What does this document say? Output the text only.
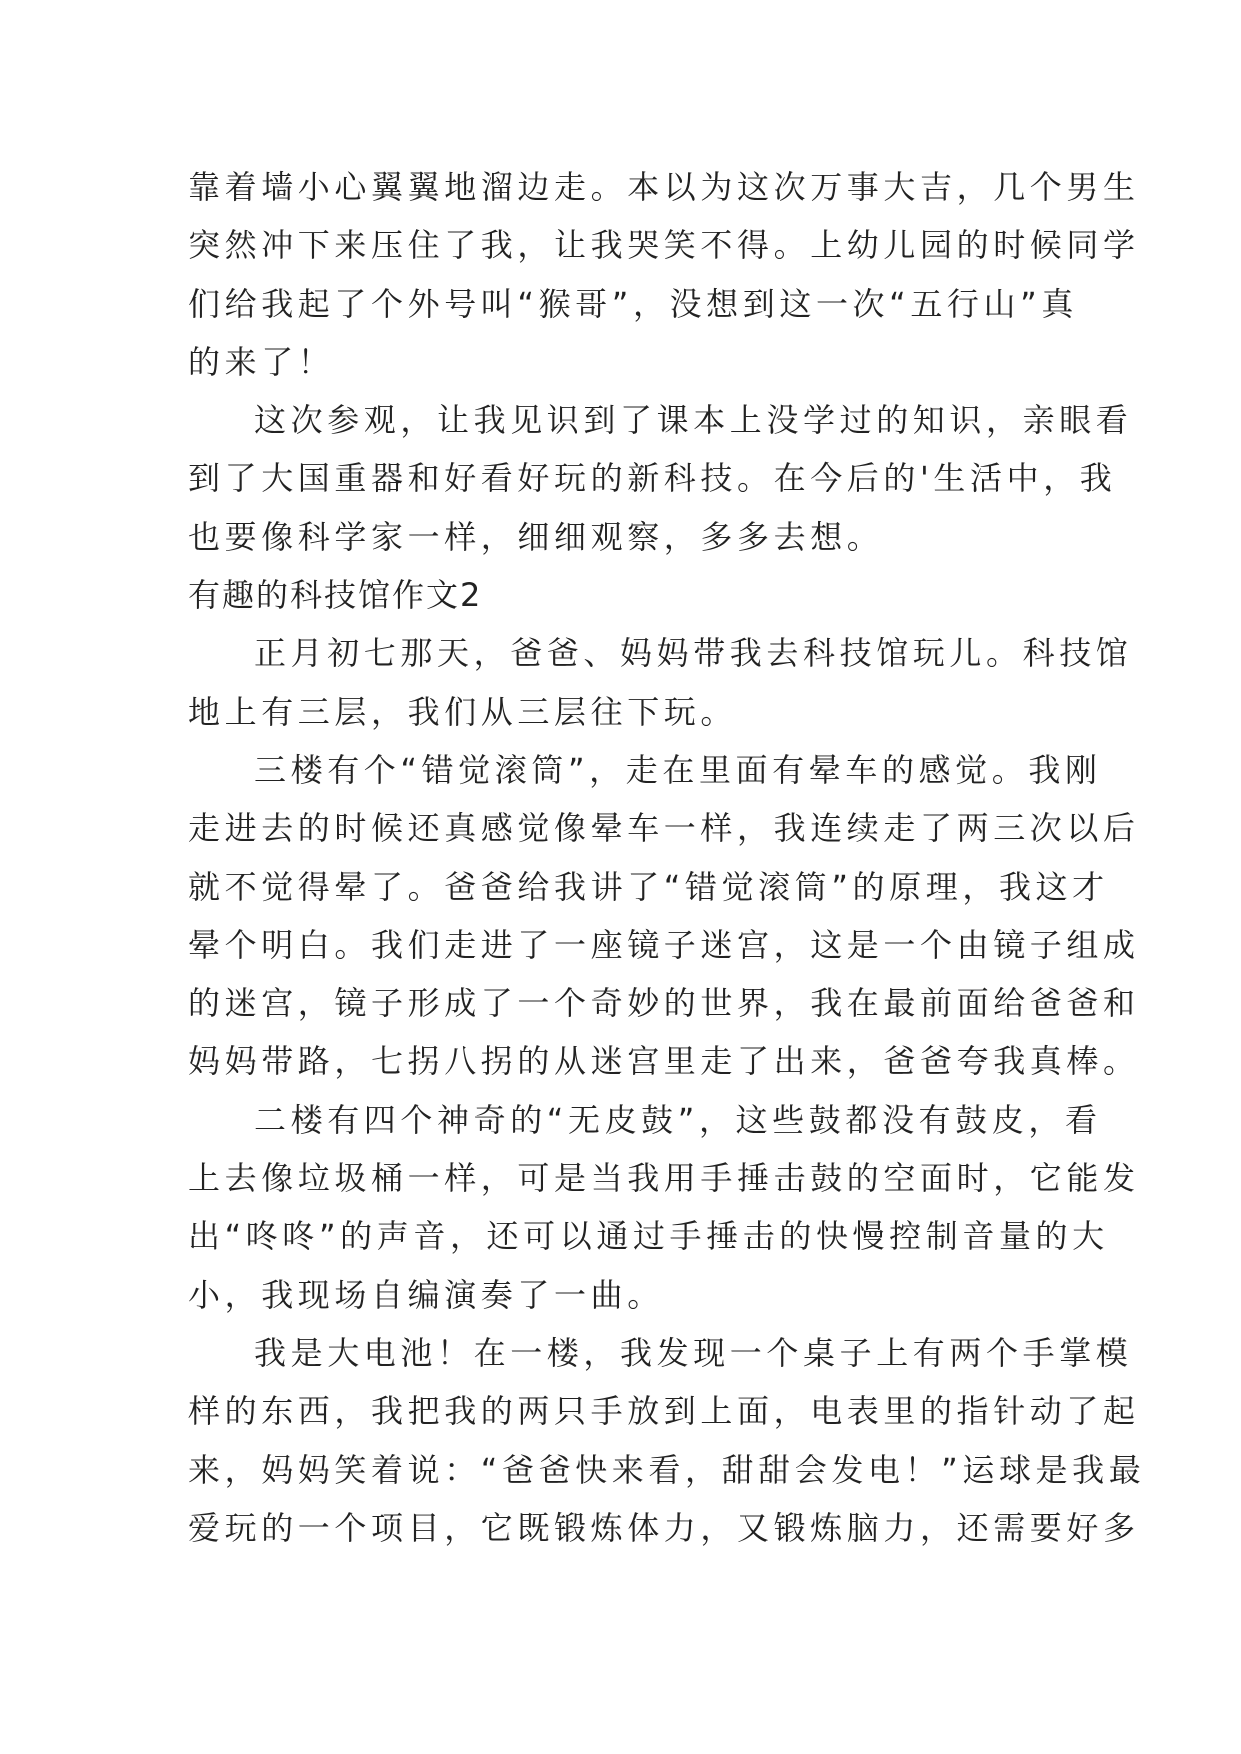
靠着墙小心翼翼地溜边走。本以为这次万事大吉，几个男生
突然冲下来压住了我，让我哭笑不得。上幼儿园的时候同学
们给我起了个外号叫“猴哥”，没想到这一次“五行山”真
的来了！
这次参观，让我见识到了课本上没学过的知识，亲眼看
到了大国重器和好看好玩的新科技。在今后的'生活中，我
也要像科学家一样，细细观察，多多去想。
有趣的科技馆作文2
正月初七那天，爸爸、妈妈带我去科技馆玩儿。科技馆
地上有三层，我们从三层往下玩。
三楼有个“错觉滚筒”，走在里面有晕车的感觉。我刚
走进去的时候还真感觉像晕车一样，我连续走了两三次以后
就不觉得晕了。爸爸给我讲了“错觉滚筒”的原理，我这才
晕个明白。我们走进了一座镜子迷宫，这是一个由镜子组成
的迷宫，镜子形成了一个奇妙的世界，我在最前面给爸爸和
妈妈带路，七拐八拐的从迷宫里走了出来，爸爸夸我真棒。
二楼有四个神奇的“无皮鼓”，这些鼓都没有鼓皮，看
上去像垃圾桶一样，可是当我用手捶击鼓的空面时，它能发
出“咚咚”的声音，还可以通过手捶击的快慢控制音量的大
小，我现场自编演奏了一曲。
我是大电池！在一楼，我发现一个桌子上有两个手掌模
样的东西，我把我的两只手放到上面，电表里的指针动了起
来，妈妈笑着说：“爸爸快来看，甜甜会发电！”运球是我最
爱玩的一个项目，它既锻炼体力，又锻炼脑力，还需要好多
